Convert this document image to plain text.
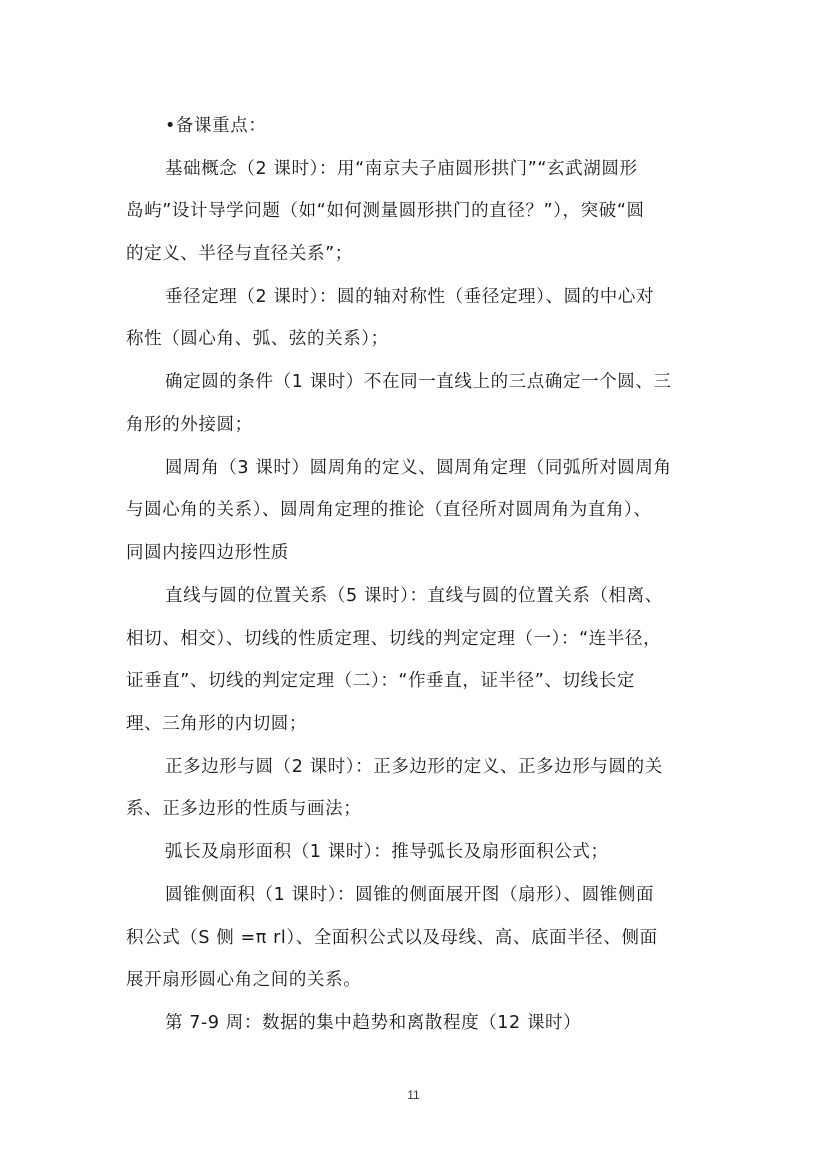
•备课重点：
基础概念（2 课时）：用“南京夫子庙圆形拱门”“玄武湖圆形
岛屿”设计导学问题（如“如何测量圆形拱门的直径？”），突破“圆
的定义、半径与直径关系”；
垂径定理（2 课时）：圆的轴对称性（垂径定理）、圆的中心对
称性（圆心角、弧、弦的关系）；
确定圆的条件（1 课时）不在同一直线上的三点确定一个圆、三
角形的外接圆；
圆周角（3 课时）圆周角的定义、圆周角定理（同弧所对圆周角
与圆心角的关系）、圆周角定理的推论（直径所对圆周角为直角）、
同圆内接四边形性质
直线与圆的位置关系（5 课时）：直线与圆的位置关系（相离、
相切、相交）、切线的性质定理、切线的判定定理（一）：“连半径，
证垂直”、切线的判定定理（二）：“作垂直，证半径”、切线长定
理、三角形的内切圆；
正多边形与圆（2 课时）：正多边形的定义、正多边形与圆的关
系、正多边形的性质与画法；
弧长及扇形面积（1 课时）：推导弧长及扇形面积公式；
圆锥侧面积（1 课时）：圆锥的侧面展开图（扇形）、圆锥侧面
积公式（S 侧 =π rl）、全面积公式以及母线、高、底面半径、侧面
展开扇形圆心角之间的关系。
第 7-9 周：数据的集中趋势和离散程度（12 课时）
11
